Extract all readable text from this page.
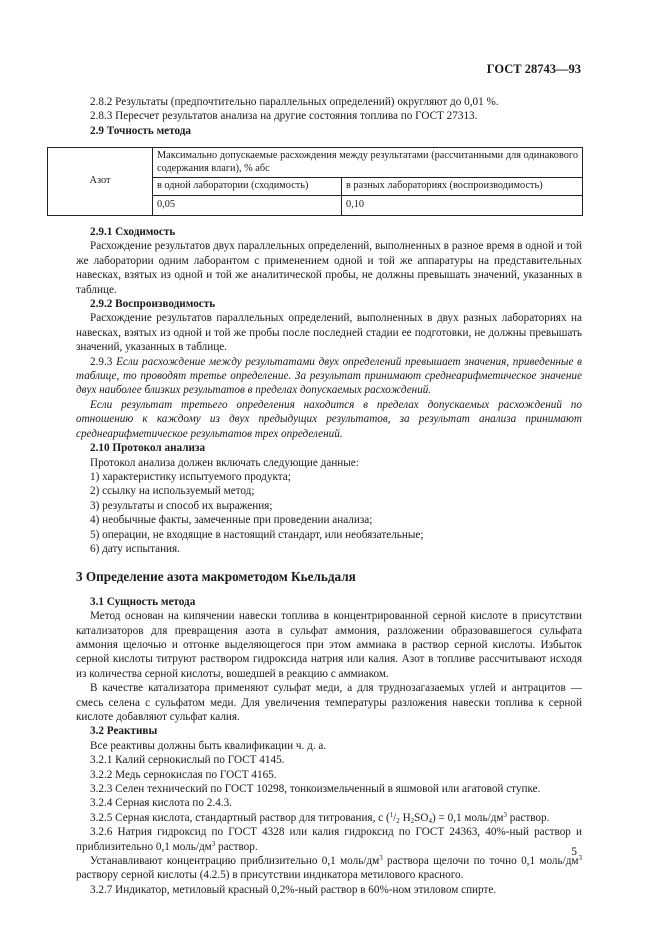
ГОСТ 28743—93

2.8.2 Результаты (предпочтительно параллельных определений) округляют до 0,01 %.

2.8.3 Пересчет результатов анализа на другие состояния топлива по ГОСТ 27313.

2.9 Точность метода

Азот	Максимально допускаемые расхождения между результатами (рассчитанными для одинакового содержания влаги), % абс	
	в одной лаборатории (сходимость)	в разных лабораториях (воспроизводимость)
	0,05	0,10

2.9.1 Сходимость

Расхождение результатов двух параллельных определений, выполненных в разное время в одной и той же лаборатории одним лаборантом с применением одной и той же аппаратуры на представительных навесках, взятых из одной и той же аналитической пробы, не должны превышать значений, указанных в таблице.

2.9.2 Воспроизводимость

Расхождение результатов параллельных определений, выполненных в двух разных лабораториях на навесках, взятых из одной и той же пробы после последней стадии ее подготовки, не должны превышать значений, указанных в таблице.

2.9.3 Если расхождение между результатами двух определений превышает значения, приведенные в таблице, то проводят третье определение. За результат принимают среднеарифметическое значение двух наиболее близких результатов в пределах допускаемых расхождений.

Если результат третьего определения находится в пределах допускаемых расхождений по отношению к каждому из двух предыдущих результатов, за результат анализа принимают среднеарифметическое результатов трех определений.

2.10 Протокол анализа

Протокол анализа должен включать следующие данные:

1) характеристику испытуемого продукта;

2) ссылку на используемый метод;

3) результаты и способ их выражения;

4) необычные факты, замеченные при проведении анализа;

5) операции, не входящие в настоящий стандарт, или необязательные;

6) дату испытания.

3 Определение азота макрометодом Кьельдаля

3.1 Сущность метода

Метод основан на кипячении навески топлива в концентрированной серной кислоте в присутствии катализаторов для превращения азота в сульфат аммония, разложении образовавшегося сульфата аммония щелочью и отгонке выделяющегося при этом аммиака в раствор серной кислоты. Избыток серной кислоты титруют раствором гидроксида натрия или калия. Азот в топливе рассчитывают исходя из количества серной кислоты, вошедшей в реакцию с аммиаком.

В качестве катализатора применяют сульфат меди, а для труднозагазаемых углей и антрацитов — смесь селена с сульфатом меди. Для увеличения температуры разложения навески топлива к серной кислоте добавляют сульфат калия.

3.2 Реактивы

Все реактивы должны быть квалификации ч. д. а.

3.2.1 Калий сернокислый по ГОСТ 4145.

3.2.2 Медь сернокислая по ГОСТ 4165.

3.2.3 Селен технический по ГОСТ 10298, тонкоизмельченный в яшмовой или агатовой ступке.

3.2.4 Серная кислота по 2.4.3.

3.2.5 Серная кислота, стандартный раствор для титрования, c ($^1/_2$ $H_2SO_4) = 0,1$ моль/$дм^3$ раствор.

3.2.6 Натрия гидроксид по ГОСТ 4328 или калия гидроксид по ГОСТ 24363, 40%-ный раствор и приблизительно 0,1 моль/$дм^3$ раствор.

Устанавливают концентрацию приблизительно 0,1 моль/$дм^3$ раствора щелочи по точно 0,1 моль/$дм^3$ раствору серной кислоты (4.2.5) в присутствии индикатора метилового красного.

3.2.7 Индикатор, метиловый красный 0,2%-ный раствор в 60%-ном этиловом спирте.

5
